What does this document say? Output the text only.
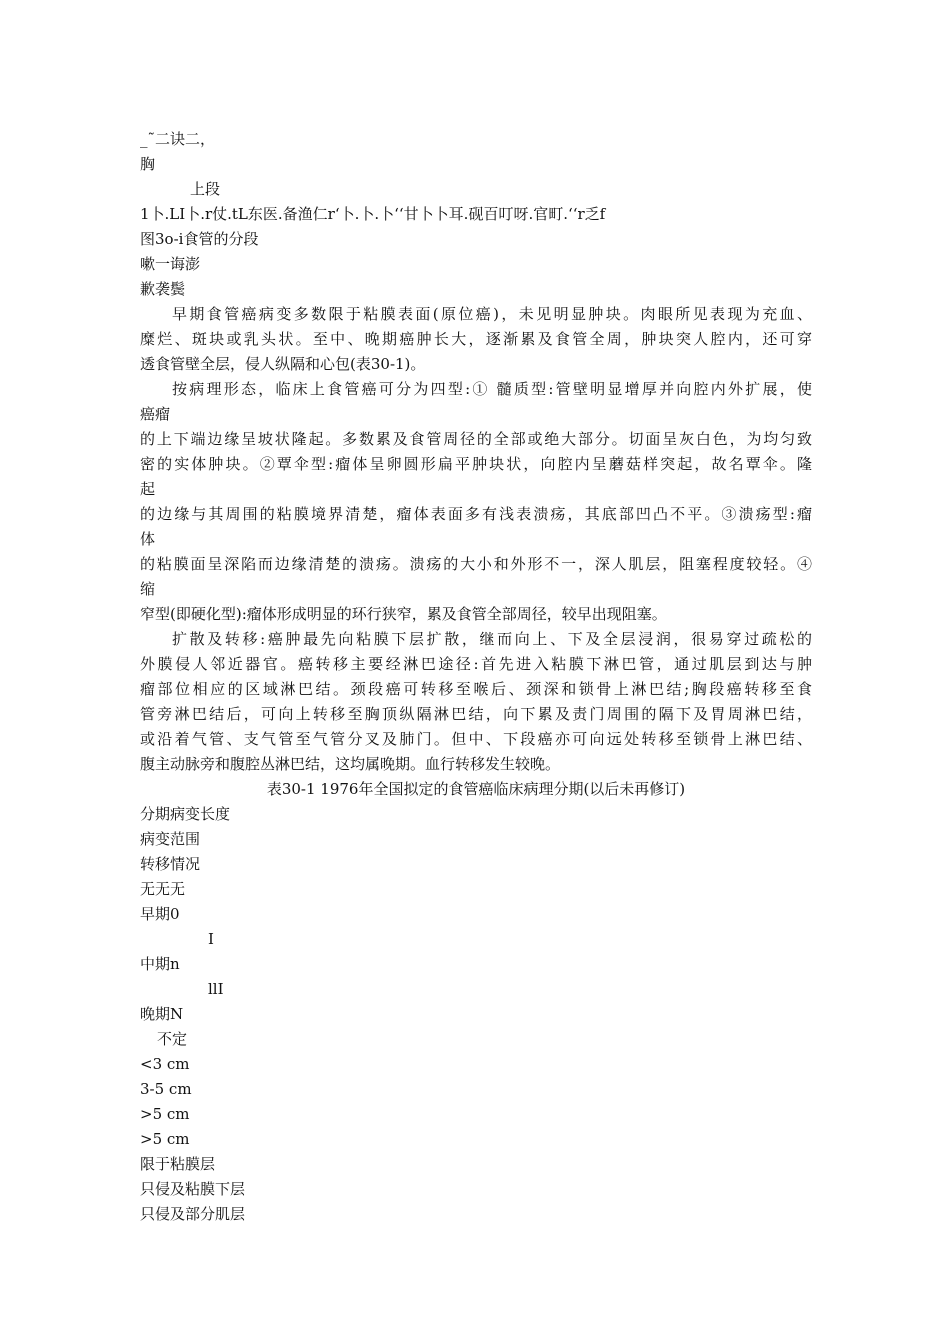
_˜二诀二，
胸
上段
1卜.LI卜.r仗.tL东医.备渔仁r‘卜.卜.卜‘‘甘卜卜耳.砚百叮呀.官町.‘‘r乏f
图3o-i食管的分段
嗽一诲澎
歉袭鬓
早期食管癌病变多数限于粘膜表面(原位癌)，未见明显肿块。肉眼所见表现为充血、
糜烂、斑块或乳头状。至中、晚期癌肿长大，逐渐累及食管全周，肿块突人腔内，还可穿
透食管壁全层，侵人纵隔和心包(表30-1)。
按病理形态，临床上食管癌可分为四型:① 髓质型:管壁明显增厚并向腔内外扩展，使
癌瘤
的上下端边缘呈坡状隆起。多数累及食管周径的全部或绝大部分。切面呈灰白色，为均匀致
密的实体肿块。②覃伞型:瘤体呈卵圆形扁平肿块状，向腔内呈蘑菇样突起，故名覃伞。隆
起
的边缘与其周围的粘膜境界清楚，瘤体表面多有浅表溃疡，其底部凹凸不平。③溃疡型:瘤
体
的粘膜面呈深陷而边缘清楚的溃疡。溃疡的大小和外形不一，深人肌层，阻塞程度较轻。④
缩
窄型(即硬化型):瘤体形成明显的环行狭窄，累及食管全部周径，较早出现阻塞。
扩散及转移:癌肿最先向粘膜下层扩散，继而向上、下及全层浸润，很易穿过疏松的
外膜侵人邻近器官。癌转移主要经淋巴途径:首先进入粘膜下淋巴管，通过肌层到达与肿
瘤部位相应的区域淋巴结。颈段癌可转移至喉后、颈深和锁骨上淋巴结;胸段癌转移至食
管旁淋巴结后，可向上转移至胸顶纵隔淋巴结，向下累及责门周围的隔下及胃周淋巴结，
或沿着气管、支气管至气管分叉及肺门。但中、下段癌亦可向远处转移至锁骨上淋巴结、
腹主动脉旁和腹腔丛淋巴结，这均属晚期。血行转移发生较晚。
表30-1 1976年全国拟定的食管癌临床病理分期(以后未再修订)
分期病变长度
病变范围
转移情况
无无无
早期0
I
中期n
llI
晚期N
不定
<3 cm
3-5 cm
>5 cm
>5 cm
限于粘膜层
只侵及粘膜下层
只侵及部分肌层
